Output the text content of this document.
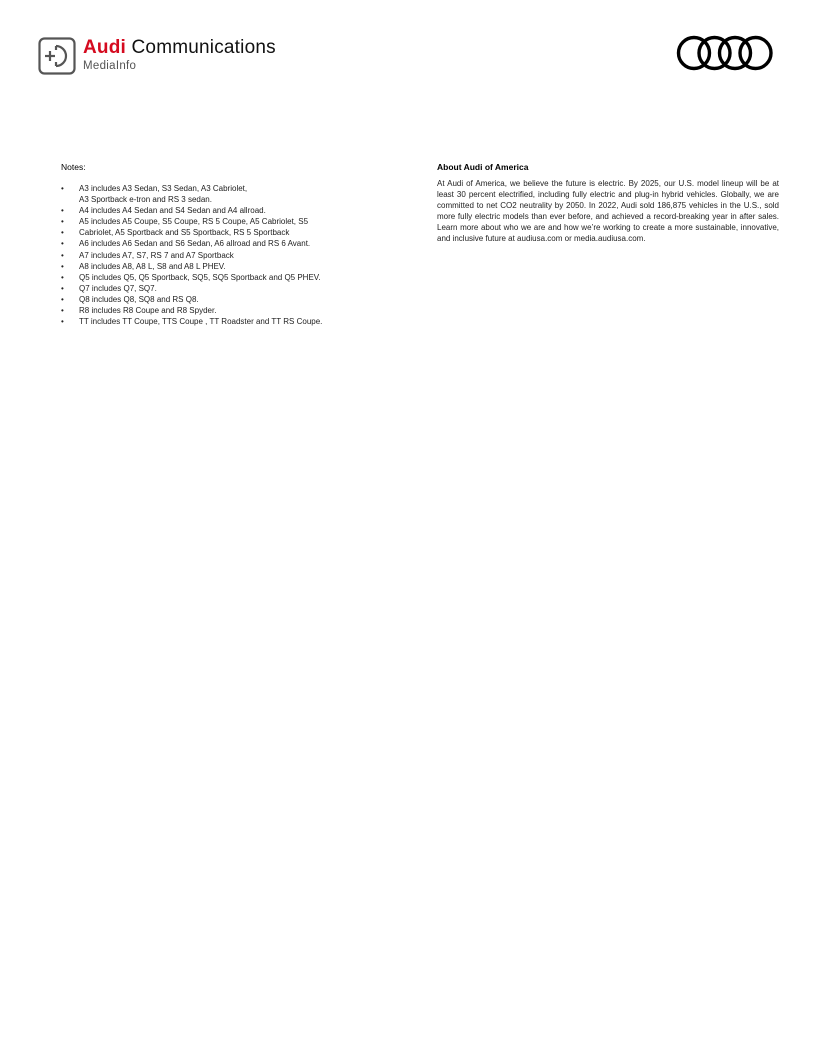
Audi Communications
MediaInfo
Notes:
• A3 includes A3 Sedan, S3 Sedan, A3 Cabriolet,
A3 Sportback e-tron and RS 3 sedan.
• A4 includes A4 Sedan and S4 Sedan and A4 allroad.
• A5 includes A5 Coupe, S5 Coupe, RS 5 Coupe, A5 Cabriolet, S5
• Cabriolet, A5 Sportback and S5 Sportback, RS 5 Sportback
• A6 includes A6 Sedan and S6 Sedan, A6 allroad and RS 6 Avant.
• A7 includes A7, S7, RS 7 and A7 Sportback
• A8 includes A8, A8 L, S8 and A8 L PHEV.
• Q5 includes Q5, Q5 Sportback, SQ5, SQ5 Sportback and Q5 PHEV.
• Q7 includes Q7, SQ7.
• Q8 includes Q8, SQ8 and RS Q8.
• R8 includes R8 Coupe and R8 Spyder.
• TT includes TT Coupe, TTS Coupe , TT Roadster and TT RS Coupe.
About Audi of America

At Audi of America, we believe the future is electric. By 2025, our U.S. model lineup will be at least 30 percent electrified, including fully electric and plug-in hybrid vehicles. Globally, we are committed to net CO2 neutrality by 2050. In 2022, Audi sold 186,875 vehicles in the U.S., sold more fully electric models than ever before, and achieved a record-breaking year in after sales. Learn more about who we are and how we’re working to create a more sustainable, innovative, and inclusive future at audiusa.com or media.audiusa.com.
